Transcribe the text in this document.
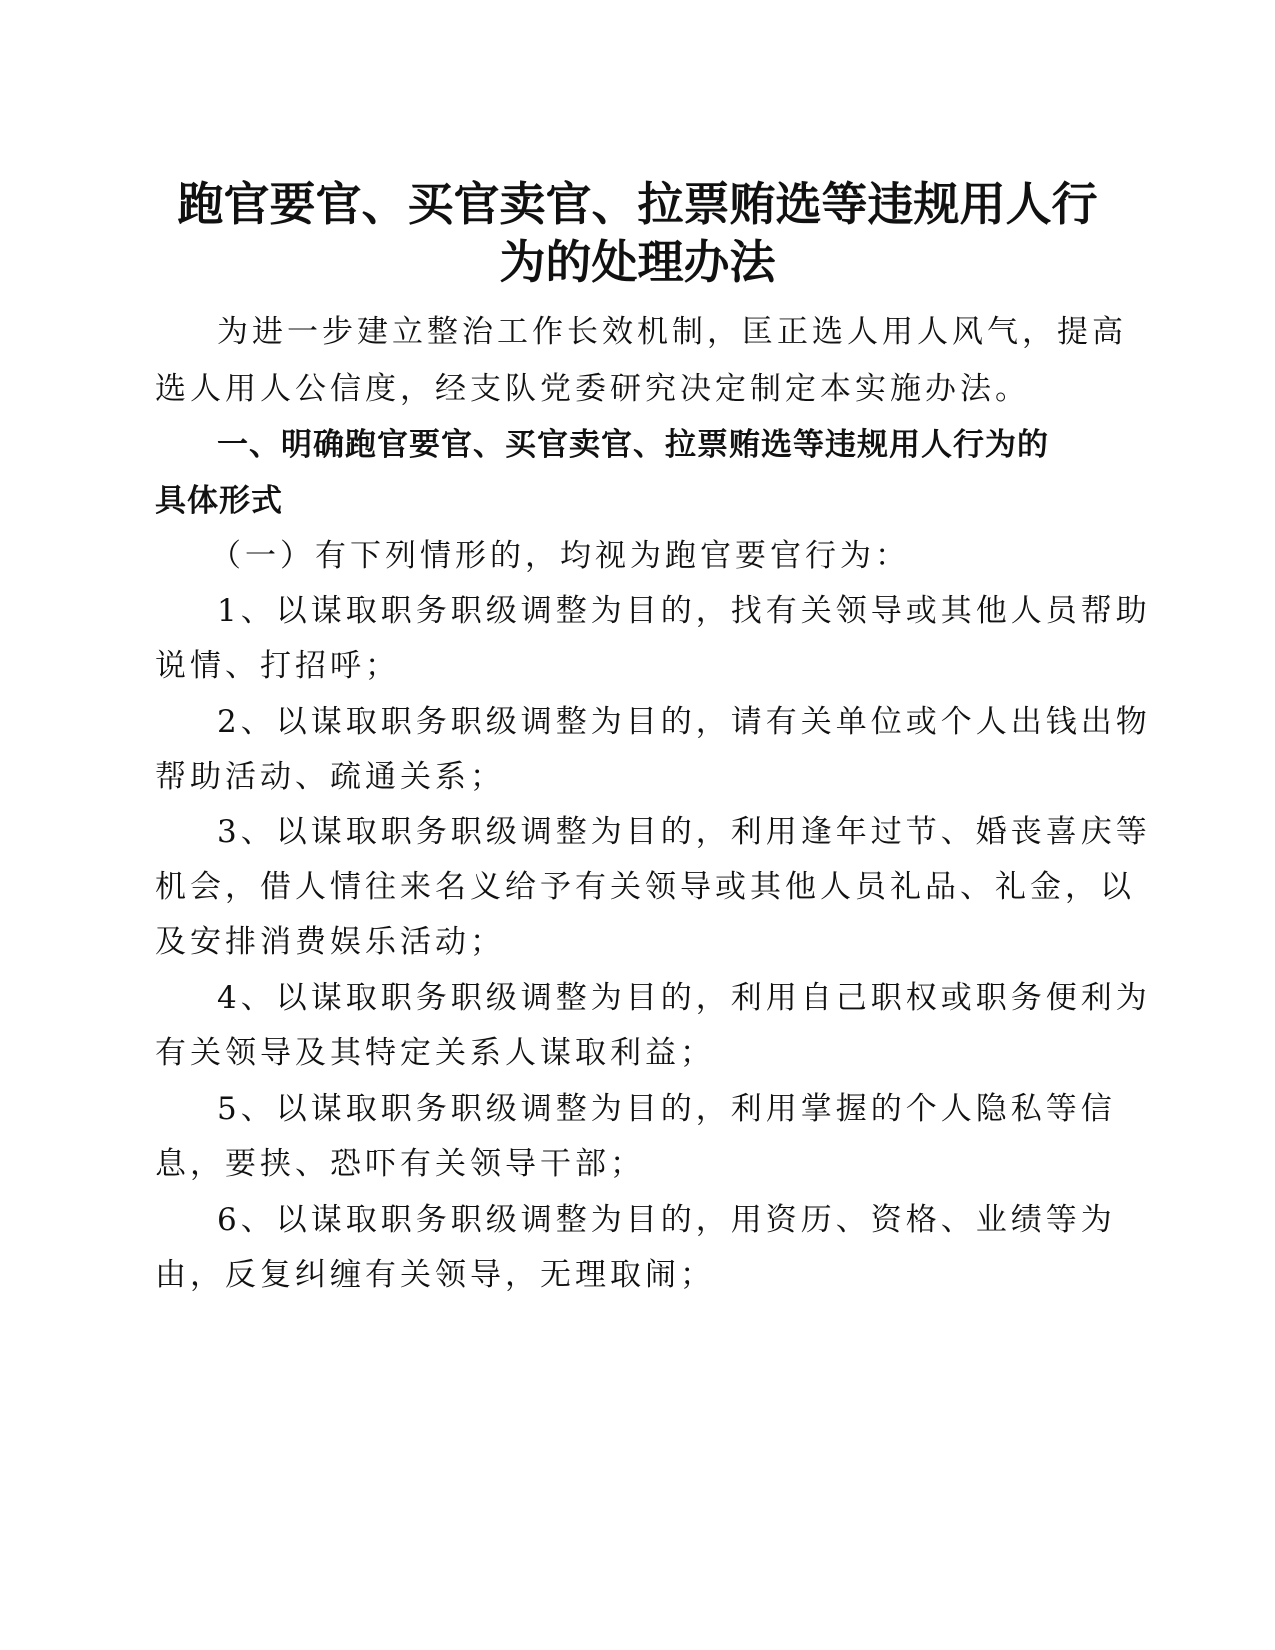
跑官要官、买官卖官、拉票贿选等违规用人行
为的处理办法

为进一步建立整治工作长效机制，匡正选人用人风气，提高

选人用人公信度，经支队党委研究决定制定本实施办法。

一、明确跑官要官、买官卖官、拉票贿选等违规用人行为的

具体形式

（一）有下列情形的，均视为跑官要官行为：

1、以谋取职务职级调整为目的，找有关领导或其他人员帮助

说情、打招呼；

2、以谋取职务职级调整为目的，请有关单位或个人出钱出物

帮助活动、疏通关系；

3、以谋取职务职级调整为目的，利用逢年过节、婚丧喜庆等

机会，借人情往来名义给予有关领导或其他人员礼品、礼金，以

及安排消费娱乐活动；

4、以谋取职务职级调整为目的，利用自己职权或职务便利为

有关领导及其特定关系人谋取利益；

5、以谋取职务职级调整为目的，利用掌握的个人隐私等信

息，要挟、恐吓有关领导干部；

6、以谋取职务职级调整为目的，用资历、资格、业绩等为

由，反复纠缠有关领导，无理取闹；
